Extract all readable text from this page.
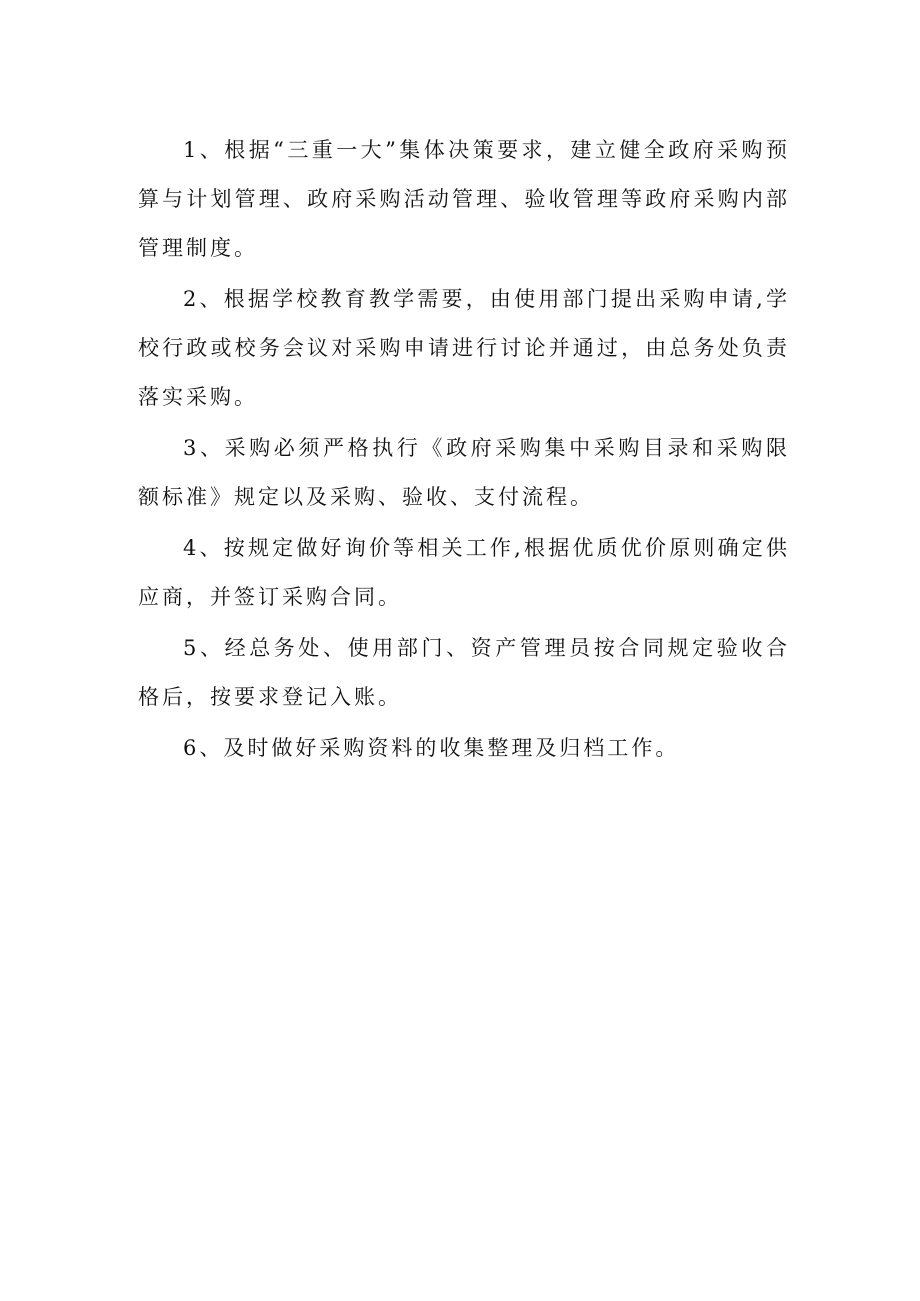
1、根据“三重一大”集体决策要求，建立健全政府采购预算与计划管理、政府采购活动管理、验收管理等政府采购内部管理制度。

2、根据学校教育教学需要，由使用部门提出采购申请,学校行政或校务会议对采购申请进行讨论并通过，由总务处负责落实采购。

3、采购必须严格执行《政府采购集中采购目录和采购限额标准》规定以及采购、验收、支付流程。

4、按规定做好询价等相关工作,根据优质优价原则确定供应商，并签订采购合同。

5、经总务处、使用部门、资产管理员按合同规定验收合格后，按要求登记入账。

6、及时做好采购资料的收集整理及归档工作。
